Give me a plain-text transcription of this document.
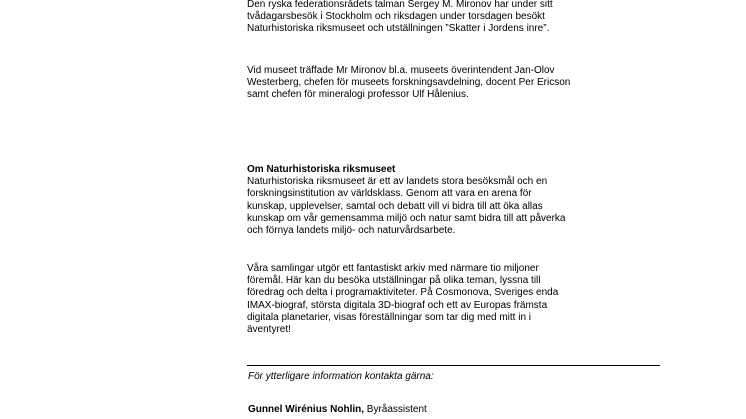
Den ryska federationsrådets talman Sergey M. Mironov har under sitt
tvådagarsbesök i Stockholm och riksdagen under torsdagen besökt
Naturhistoriska riksmuseet och utställningen ”Skatter i Jordens inre”.

Vid museet träffade Mr Mironov bl.a. museets överintendent Jan-Olov
Westerberg, chefen för museets forskningsavdelning, docent Per Ericson
samt chefen för mineralogi professor Ulf Hålenius.

Om Naturhistoriska riksmuseet
Naturhistoriska riksmuseet är ett av landets stora besöksmål och en
forskningsinstitution av världsklass. Genom att vara en arena för
kunskap, upplevelser, samtal och debatt vill vi bidra till att öka allas
kunskap om vår gemensamma miljö och natur samt bidra till att påverka
och förnya landets miljö- och naturvårdsarbete.

Våra samlingar utgör ett fantastiskt arkiv med närmare tio miljoner
föremål. Här kan du besöka utställningar på olika teman, lyssna till
föredrag och delta i programaktiviteter. På Cosmonova, Sveriges enda
IMAX-biograf, största digitala 3D-biograf och ett av Europas främsta
digitala planetarier, visas föreställningar som tar dig med mitt in i
äventyret!

För ytterligare information kontakta gärna:
Gunnel Wirénius Nohlin, Byråassistent
